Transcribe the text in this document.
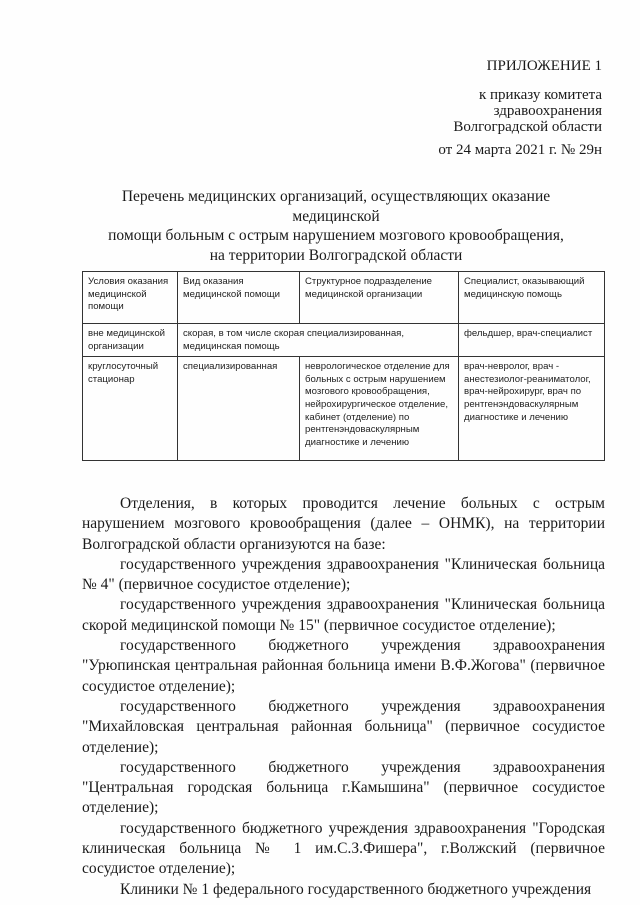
ПРИЛОЖЕНИЕ 1
к приказу комитета
здравоохранения
Волгоградской области
от 24 марта 2021 г. № 29н
Перечень медицинских организаций, осуществляющих оказание медицинской
помощи больным с острым нарушением мозгового кровообращения,
на территории Волгоградской области
Условия оказания медицинской помощи	Вид оказания медицинской помощи	Структурное подразделение медицинской организации	Специалист, оказывающий медицинскую помощь
вне медицинской организации	скорая, в том числе скорая специализированная, медицинская помощь		фельдшер, врач-специалист
круглосуточный стационар	специализированная	неврологическое отделение для больных с острым нарушением мозгового кровообращения, нейрохирургическое отделение, кабинет (отделение) по рентгенэндоваскулярным диагностике и лечению	врач-невролог, врач - анестезиолог-реаниматолог, врач-нейрохирург, врач по рентгенэндоваскулярным диагностике и лечению

Отделения, в которых проводится лечение больных с острым нарушением мозгового кровообращения (далее – ОНМК), на территории Волгоградской области организуются на базе:

государственного учреждения здравоохранения "Клиническая больница № 4" (первичное сосудистое отделение);

государственного учреждения здравоохранения "Клиническая больница скорой медицинской помощи № 15" (первичное сосудистое отделение);

государственного бюджетного учреждения здравоохранения "Урюпинская центральная районная больница имени В.Ф.Жогова" (первичное сосудистое отделение);

государственного бюджетного учреждения здравоохранения "Михайловская центральная районная больница" (первичное сосудистое отделение);

государственного бюджетного учреждения здравоохранения "Центральная городская больница г.Камышина" (первичное сосудистое отделение);

государственного бюджетного учреждения здравоохранения "Городская клиническая больница № 1 им.С.З.Фишера", г.Волжский (первичное сосудистое отделение);

Клиники № 1 федерального государственного бюджетного учреждения
